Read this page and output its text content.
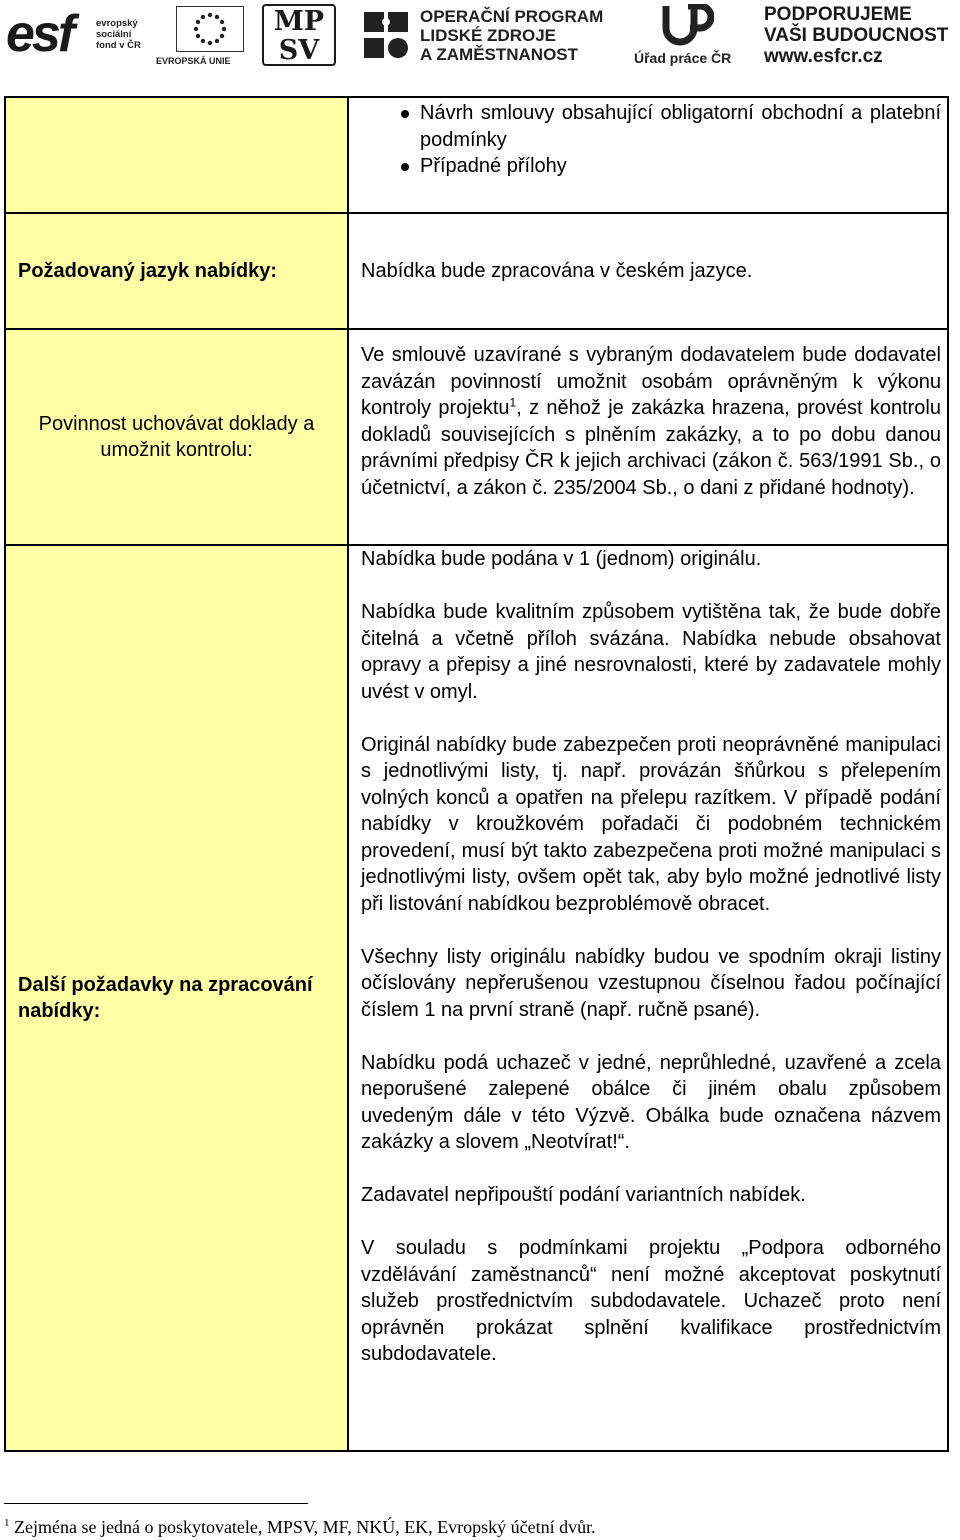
esf	evropský
sociální
fond v ČR
EVROPSKÁ UNIE
MP
SV
OPERAČNÍ PROGRAM
LIDSKÉ ZDROJE
A ZAMĚSTNANOST	Úřad práce ČR
PODPORUJEME
VAŠI BUDOUCNOST
www.esfcr.cz
Návrh smlouvy obsahující obligatorní obchodní a platební podmínky
Případné přílohy
Požadovaný jazyk nabídky:	Nabídka bude zpracována v českém jazyce.
Povinnost uchovávat doklady a umožnit kontrolu:
Ve smlouvě uzavírané s vybraným dodavatelem bude dodavatel zavázán povinností umožnit osobám oprávněným k výkonu kontroly projektu$^1$, z něhož je zakázka hrazena, provést kontrolu dokladů souvisejících s plněním zakázky, a to po dobu danou právními předpisy ČR k jejich archivaci (zákon č. 563/1991 Sb., o účetnictví, a zákon č. 235/2004 Sb., o dani z přidané hodnoty).
Další požadavky na zpracování nabídky:

Nabídka bude podána v 1 (jednom) originálu.

Nabídka bude kvalitním způsobem vytištěna tak, že bude dobře čitelná a včetně příloh svázána. Nabídka nebude obsahovat opravy a přepisy a jiné nesrovnalosti, které by zadavatele mohly uvést v omyl.

Originál nabídky bude zabezpečen proti neoprávněné manipulaci s jednotlivými listy, tj. např. provázán šňůrkou s přelepením volných konců a opatřen na přelepu razítkem. V případě podání nabídky v kroužkovém pořadači či podobném technickém provedení, musí být takto zabezpečena proti možné manipulaci s jednotlivými listy, ovšem opět tak, aby bylo možné jednotlivé listy při listování nabídkou bezproblémově obracet.

Všechny listy originálu nabídky budou ve spodním okraji listiny očíslovány nepřerušenou vzestupnou číselnou řadou počínající číslem 1 na první straně (např. ručně psané).

Nabídku podá uchazeč v jedné, neprůhledné, uzavřené a zcela neporušené zalepené obálce či jiném obalu způsobem uvedeným dále v této Výzvě. Obálka bude označena názvem zakázky a slovem „Neotvírat!“.

Zadavatel nepřipouští podání variantních nabídek.

V souladu s podmínkami projektu „Podpora odborného vzdělávání zaměstnanců“ není možné akceptovat poskytnutí služeb prostřednictvím subdodavatele. Uchazeč proto není oprávněn prokázat splnění kvalifikace prostřednictvím subdodavatele.

$^1$ Zejména se jedná o poskytovatele, MPSV, MF, NKÚ, EK, Evropský účetní dvůr.
